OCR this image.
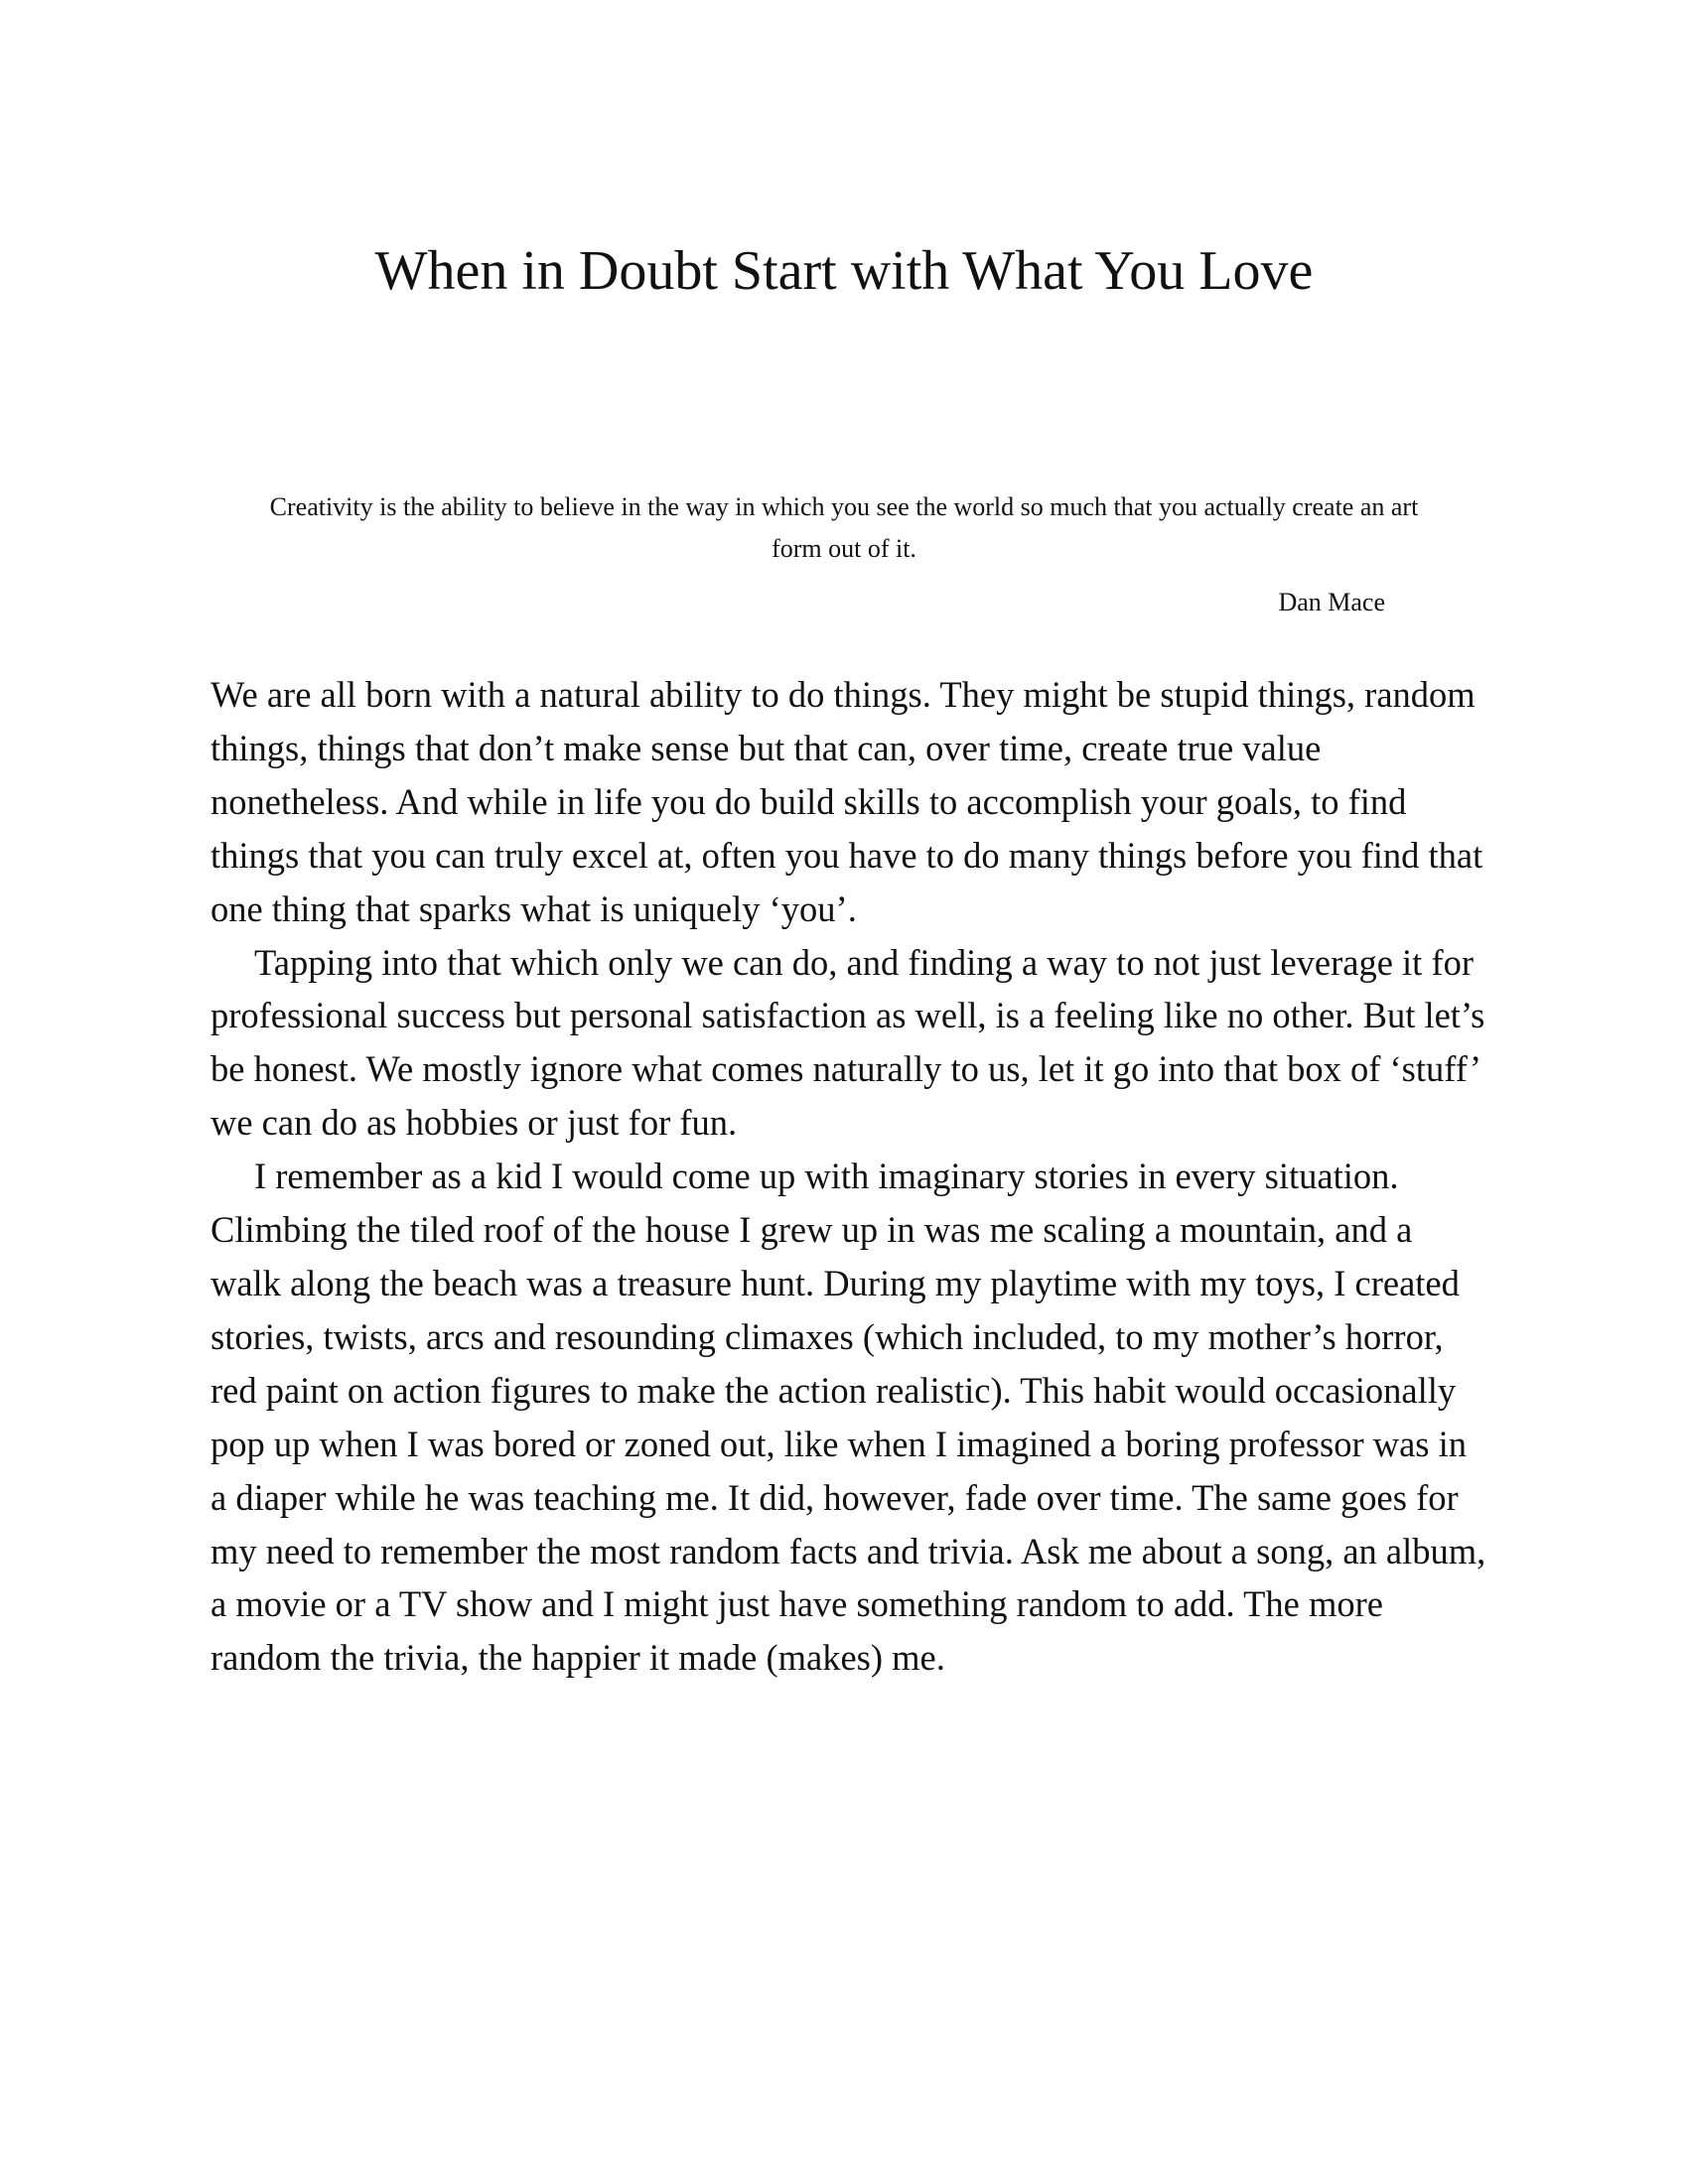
When in Doubt Start with What You Love

Creativity is the ability to believe in the way in which you see the world so much that you actually create an art form out of it.

Dan Mace

We are all born with a natural ability to do things. They might be stupid things, random things, things that don’t make sense but that can, over time, create true value nonetheless. And while in life you do build skills to accomplish your goals, to find things that you can truly excel at, often you have to do many things before you find that one thing that sparks what is uniquely ‘you’.

Tapping into that which only we can do, and finding a way to not just leverage it for professional success but personal satisfaction as well, is a feeling like no other. But let’s be honest. We mostly ignore what comes naturally to us, let it go into that box of ‘stuff’ we can do as hobbies or just for fun.

I remember as a kid I would come up with imaginary stories in every situation. Climbing the tiled roof of the house I grew up in was me scaling a mountain, and a walk along the beach was a treasure hunt. During my playtime with my toys, I created stories, twists, arcs and resounding climaxes (which included, to my mother’s horror, red paint on action figures to make the action realistic). This habit would occasionally pop up when I was bored or zoned out, like when I imagined a boring professor was in a diaper while he was teaching me. It did, however, fade over time. The same goes for my need to remember the most random facts and trivia. Ask me about a song, an album, a movie or a TV show and I might just have something random to add. The more random the trivia, the happier it made (makes) me.
